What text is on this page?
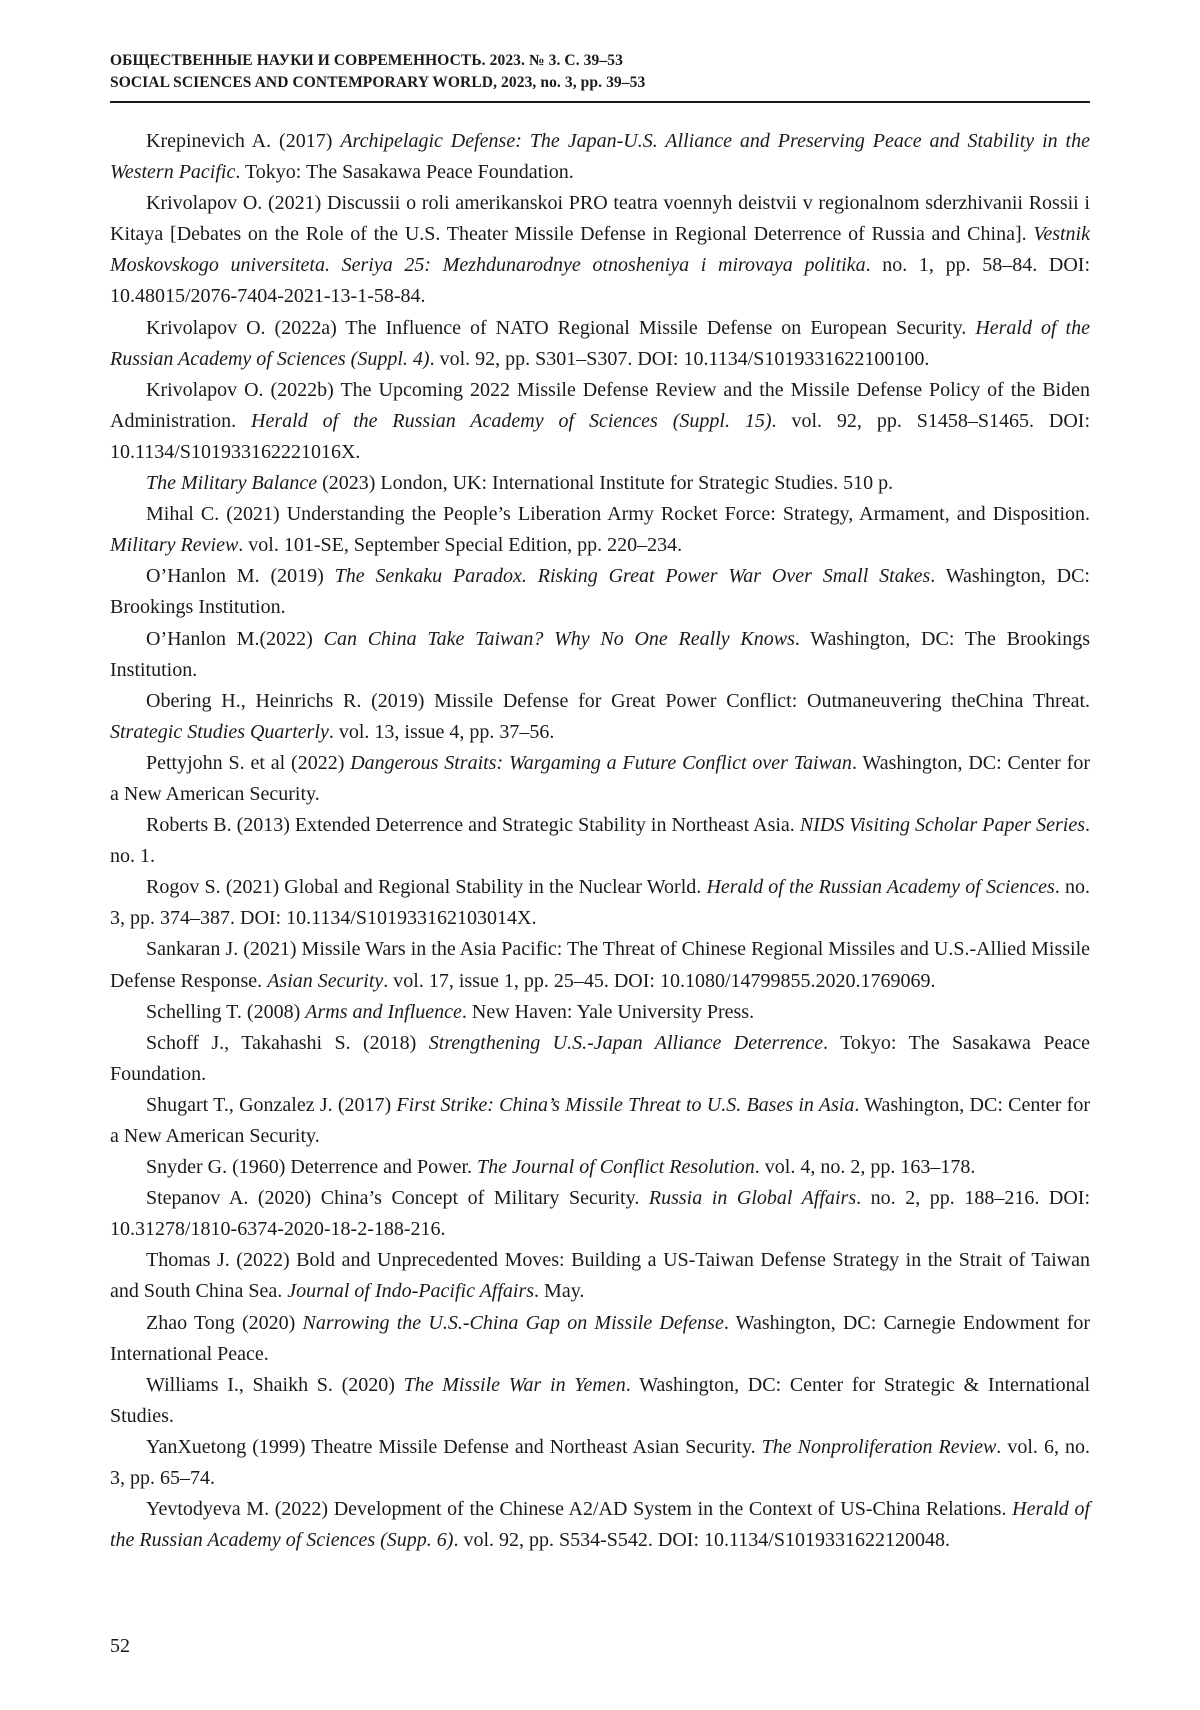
ОБЩЕСТВЕННЫЕ НАУКИ И СОВРЕМЕННОСТЬ. 2023. № 3. С. 39–53
SOCIAL SCIENCES AND CONTEMPORARY WORLD, 2023, no. 3, pp. 39–53

Krepinevich A. (2017) Archipelagic Defense: The Japan-U.S. Alliance and Preserving Peace and Stability in the Western Pacific. Tokyo: The Sasakawa Peace Foundation.

Krivolapov O. (2021) Discussii o roli amerikanskoi PRO teatra voennyh deistvii v regionalnom sderzhivanii Rossii i Kitaya [Debates on the Role of the U.S. Theater Missile Defense in Regional Deterrence of Russia and China]. Vestnik Moskovskogo universiteta. Seriya 25: Mezhdunarodnye otnosheniya i mirovaya politika. no. 1, pp. 58–84. DOI: 10.48015/2076-7404-2021-13-1-58-84.

Krivolapov O. (2022a) The Influence of NATO Regional Missile Defense on European Security. Herald of the Russian Academy of Sciences (Suppl. 4). vol. 92, pp. S301–S307. DOI: 10.1134/S1019331622100100.

Krivolapov O. (2022b) The Upcoming 2022 Missile Defense Review and the Missile Defense Policy of the Biden Administration. Herald of the Russian Academy of Sciences (Suppl. 15). vol. 92, pp. S1458–S1465. DOI: 10.1134/S101933162221016X.

The Military Balance (2023) London, UK: International Institute for Strategic Studies. 510 p.

Mihal C. (2021) Understanding the People’s Liberation Army Rocket Force: Strategy, Armament, and Disposition. Military Review. vol. 101-SE, September Special Edition, pp. 220–234.

O’Hanlon M. (2019) The Senkaku Paradox. Risking Great Power War Over Small Stakes. Washington, DC: Brookings Institution.

O’Hanlon M.(2022) Can China Take Taiwan? Why No One Really Knows. Washington, DC: The Brookings Institution.

Obering H., Heinrichs R. (2019) Missile Defense for Great Power Conflict: Outmaneuvering theChina Threat. Strategic Studies Quarterly. vol. 13, issue 4, pp. 37–56.

Pettyjohn S. et al (2022) Dangerous Straits: Wargaming a Future Conflict over Taiwan. Washington, DC: Center for a New American Security.

Roberts B. (2013) Extended Deterrence and Strategic Stability in Northeast Asia. NIDS Visiting Scholar Paper Series. no. 1.

Rogov S. (2021) Global and Regional Stability in the Nuclear World. Herald of the Russian Academy of Sciences. no. 3, pp. 374–387. DOI: 10.1134/S101933162103014X.

Sankaran J. (2021) Missile Wars in the Asia Pacific: The Threat of Chinese Regional Missiles and U.S.-Allied Missile Defense Response. Asian Security. vol. 17, issue 1, pp. 25–45. DOI: 10.1080/14799855.2020.1769069.

Schelling T. (2008) Arms and Influence. New Haven: Yale University Press.

Schoff J., Takahashi S. (2018) Strengthening U.S.-Japan Alliance Deterrence. Tokyo: The Sasakawa Peace Foundation.

Shugart T., Gonzalez J. (2017) First Strike: China’s Missile Threat to U.S. Bases in Asia. Washington, DC: Center for a New American Security.

Snyder G. (1960) Deterrence and Power. The Journal of Conflict Resolution. vol. 4, no. 2, pp. 163–178.

Stepanov A. (2020) China’s Concept of Military Security. Russia in Global Affairs. no. 2, pp. 188–216. DOI: 10.31278/1810-6374-2020-18-2-188-216.

Thomas J. (2022) Bold and Unprecedented Moves: Building a US-Taiwan Defense Strategy in the Strait of Taiwan and South China Sea. Journal of Indo-Pacific Affairs. May.

Zhao Tong (2020) Narrowing the U.S.-China Gap on Missile Defense. Washington, DC: Carnegie Endowment for International Peace.

Williams I., Shaikh S. (2020) The Missile War in Yemen. Washington, DC: Center for Strategic & International Studies.

YanXuetong (1999) Theatre Missile Defense and Northeast Asian Security. The Nonproliferation Review. vol. 6, no. 3, pp. 65–74.

Yevtodyeva M. (2022) Development of the Chinese A2/AD System in the Context of US-China Relations. Herald of the Russian Academy of Sciences (Supp. 6). vol. 92, pp. S534-S542. DOI: 10.1134/S1019331622120048.

52
